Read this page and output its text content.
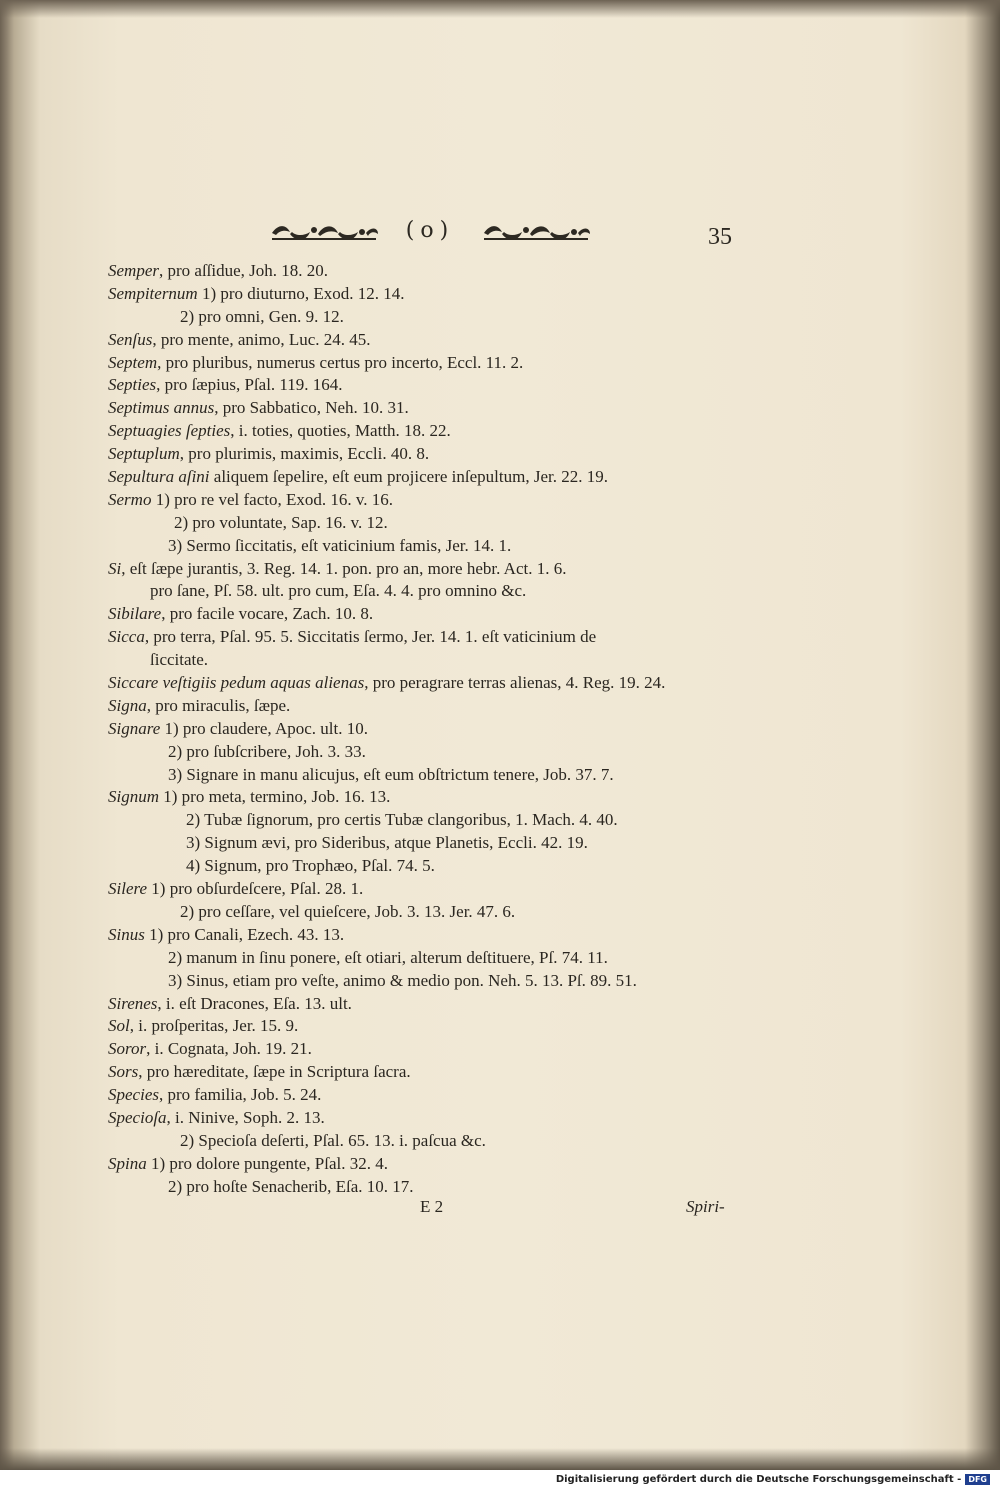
(o)	35
Semper, pro aſſidue, Joh. 18. 20.
Sempiternum 1) pro diuturno, Exod. 12. 14.
2) pro omni, Gen. 9. 12.
Senſus, pro mente, animo, Luc. 24. 45.
Septem, pro pluribus, numerus certus pro incerto, Eccl. 11. 2.
Septies, pro ſæpius, Pſal. 119. 164.
Septimus annus, pro Sabbatico, Neh. 10. 31.
Septuagies ſepties, i. toties, quoties, Matth. 18. 22.
Septuplum, pro plurimis, maximis, Eccli. 40. 8.
Sepultura aſini aliquem ſepelire, eſt eum projicere inſepultum, Jer. 22. 19.
Sermo 1) pro re vel facto, Exod. 16. v. 16.
2) pro voluntate, Sap. 16. v. 12.
3) Sermo ſiccitatis, eſt vaticinium famis, Jer. 14. 1.
Si, eſt ſæpe jurantis, 3. Reg. 14. 1. pon. pro an, more hebr. Act. 1. 6.
pro ſane, Pſ. 58. ult. pro cum, Eſa. 4. 4. pro omnino &c.
Sibilare, pro facile vocare, Zach. 10. 8.
Sicca, pro terra, Pſal. 95. 5. Siccitatis ſermo, Jer. 14. 1. eſt vaticinium de
ſiccitate.
Siccare veſtigiis pedum aquas alienas, pro peragrare terras alienas, 4. Reg. 19. 24.
Signa, pro miraculis, ſæpe.
Signare 1) pro claudere, Apoc. ult. 10.
2) pro ſubſcribere, Joh. 3. 33.
3) Signare in manu alicujus, eſt eum obſtrictum tenere, Job. 37. 7.
Signum 1) pro meta, termino, Job. 16. 13.
2) Tubæ ſignorum, pro certis Tubæ clangoribus, 1. Mach. 4. 40.
3) Signum ævi, pro Sideribus, atque Planetis, Eccli. 42. 19.
4) Signum, pro Trophæo, Pſal. 74. 5.
Silere 1) pro obſurdeſcere, Pſal. 28. 1.
2) pro ceſſare, vel quieſcere, Job. 3. 13. Jer. 47. 6.
Sinus 1) pro Canali, Ezech. 43. 13.
2) manum in ſinu ponere, eſt otiari, alterum deſtituere, Pſ. 74. 11.
3) Sinus, etiam pro veſte, animo & medio pon. Neh. 5. 13. Pſ. 89. 51.
Sirenes, i. eſt Dracones, Eſa. 13. ult.
Sol, i. proſperitas, Jer. 15. 9.
Soror, i. Cognata, Joh. 19. 21.
Sors, pro hæreditate, ſæpe in Scriptura ſacra.
Species, pro familia, Job. 5. 24.
Specioſa, i. Ninive, Soph. 2. 13.
2) Specioſa deſerti, Pſal. 65. 13. i. paſcua &c.
Spina 1) pro dolore pungente, Pſal. 32. 4.
2) pro hoſte Senacherib, Eſa. 10. 17.
E 2	Spiri-
Digitalisierung gefördert durch die Deutsche Forschungsgemeinschaft - DFG
